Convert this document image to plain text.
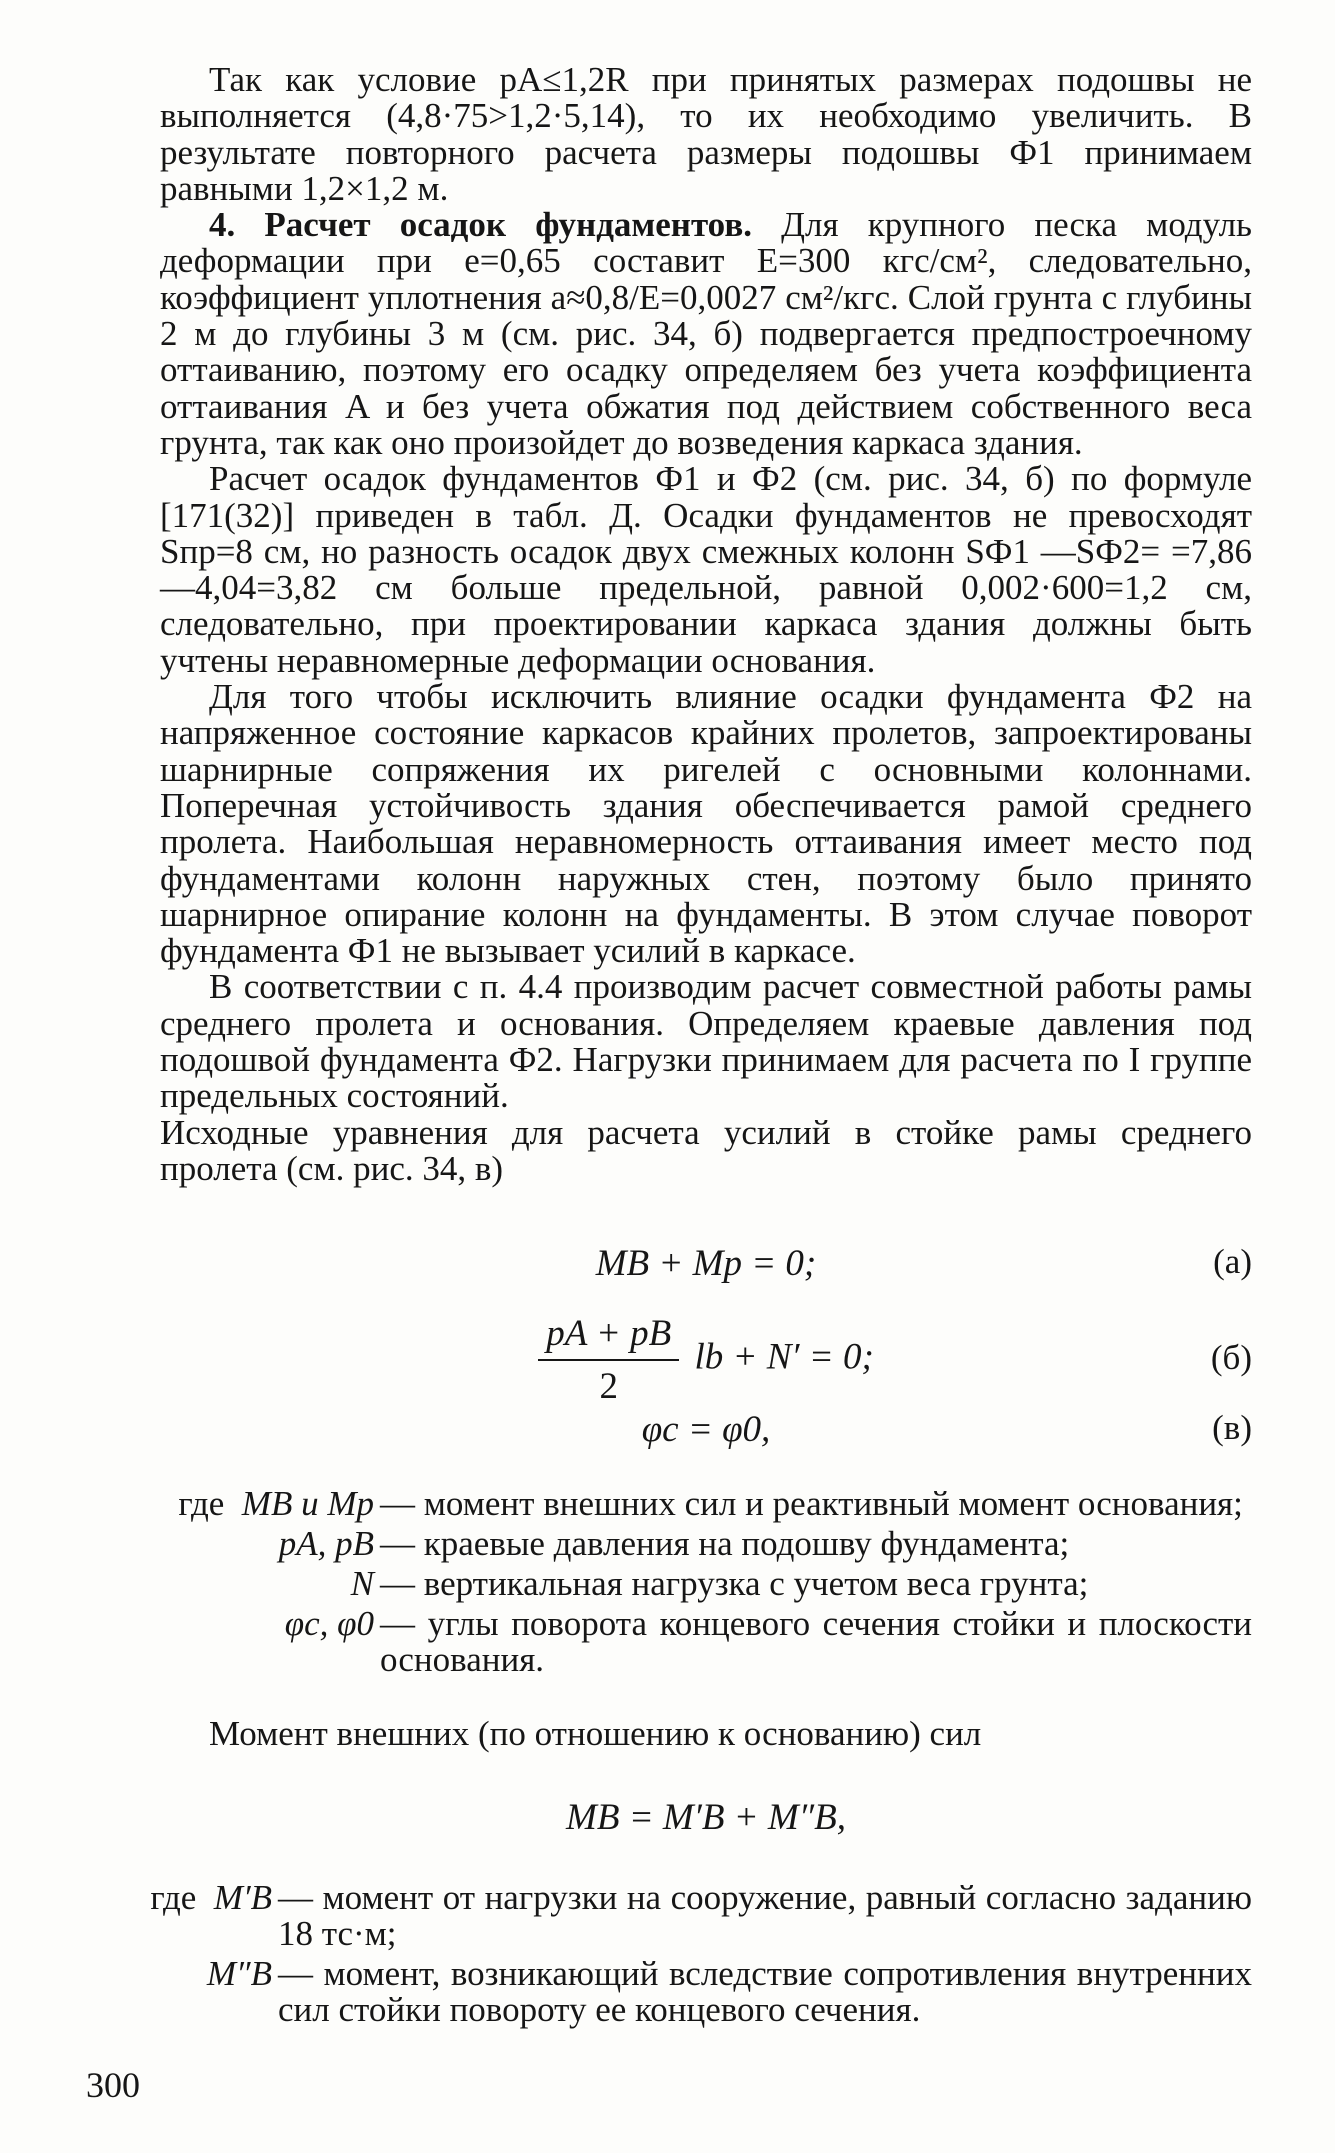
Так как условие pA≤1,2R при принятых размерах подошвы не выполняется (4,8·75>1,2·5,14), то их необходимо увеличить. В результате повторного расчета размеры подошвы Ф1 принимаем равными 1,2×1,2 м.

4. Расчет осадок фундаментов. Для крупного песка модуль деформации при e=0,65 составит E=300 кгс/см², следовательно, коэффициент уплотнения a≈0,8/E=0,0027 см²/кгс. Слой грунта с глубины 2 м до глубины 3 м (см. рис. 34, б) подвергается предпостроечному оттаиванию, поэтому его осадку определяем без учета коэффициента оттаивания A и без учета обжатия под действием собственного веса грунта, так как оно произойдет до возведения каркаса здания.

Расчет осадок фундаментов Ф1 и Ф2 (см. рис. 34, б) по формуле [171(32)] приведен в табл. Д. Осадки фундаментов не превосходят Sпр=8 см, но разность осадок двух смежных колонн SФ1 —SФ2= =7,86—4,04=3,82 см больше предельной, равной 0,002·600=1,2 см, следовательно, при проектировании каркаса здания должны быть учтены неравномерные деформации основания.

Для того чтобы исключить влияние осадки фундамента Ф2 на напряженное состояние каркасов крайних пролетов, запроектированы шарнирные сопряжения их ригелей с основными колоннами. Поперечная устойчивость здания обеспечивается рамой среднего пролета. Наибольшая неравномерность оттаивания имеет место под фундаментами колонн наружных стен, поэтому было принято шарнирное опирание колонн на фундаменты. В этом случае поворот фундамента Ф1 не вызывает усилий в каркасе.

В соответствии с п. 4.4 производим расчет совместной работы рамы среднего пролета и основания. Определяем краевые давления под подошвой фундамента Ф2. Нагрузки принимаем для расчета по I группе предельных состояний.

Исходные уравнения для расчета усилий в стойке рамы среднего пролета (см. рис. 34, в)

MB + Mp = 0;	(а)
$\frac{pA + pB}{2}$ lb + N′ = 0;	(б)
φc = φ0,	(в)
где MB и Mp — момент внешних сил и реактивный момент основания;
pA, pB — краевые давления на подошву фундамента;
N — вертикальная нагрузка с учетом веса грунта;
φc, φ0 — углы поворота концевого сечения стойки и плоскости основания.

Момент внешних (по отношению к основанию) сил

MB = M′B + M″B,
где M′B — момент от нагрузки на сооружение, равный согласно заданию 18 тс·м;
M″B — момент, возникающий вследствие сопротивления внутренних сил стойки повороту ее концевого сечения.
300
